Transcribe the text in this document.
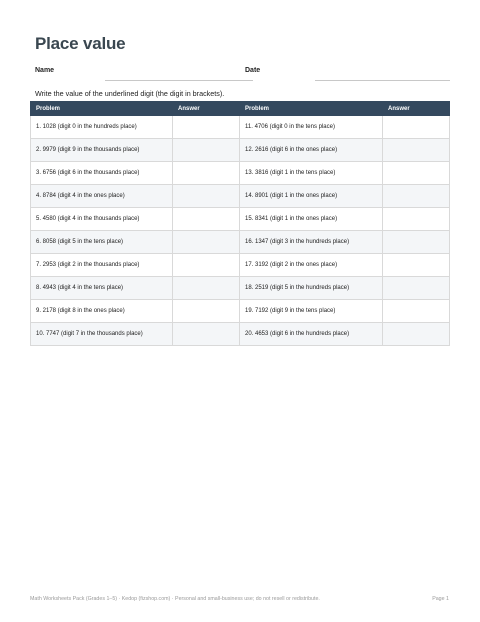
Place value
Name	Date
Write the value of the underlined digit (the digit in brackets).
Problem	Answer	Problem	Answer
1. 1028 (digit 0 in the hundreds place)		11. 4706 (digit 0 in the tens place)	
2. 9979 (digit 9 in the thousands place)		12. 2616 (digit 6 in the ones place)	
3. 6756 (digit 6 in the thousands place)		13. 3816 (digit 1 in the tens place)	
4. 8784 (digit 4 in the ones place)		14. 8901 (digit 1 in the ones place)	
5. 4580 (digit 4 in the thousands place)		15. 8341 (digit 1 in the ones place)	
6. 8058 (digit 5 in the tens place)		16. 1347 (digit 3 in the hundreds place)	
7. 2953 (digit 2 in the thousands place)		17. 3192 (digit 2 in the ones place)	
8. 4943 (digit 4 in the tens place)		18. 2519 (digit 5 in the hundreds place)	
9. 2178 (digit 8 in the ones place)		19. 7192 (digit 9 in the tens place)	
10. 7747 (digit 7 in the thousands place)		20. 4653 (digit 6 in the hundreds place)	
Math Worksheets Pack (Grades 1–5) · Kedop (fizshop.com) · Personal and small-business use; do not resell or redistribute.	Page 1
